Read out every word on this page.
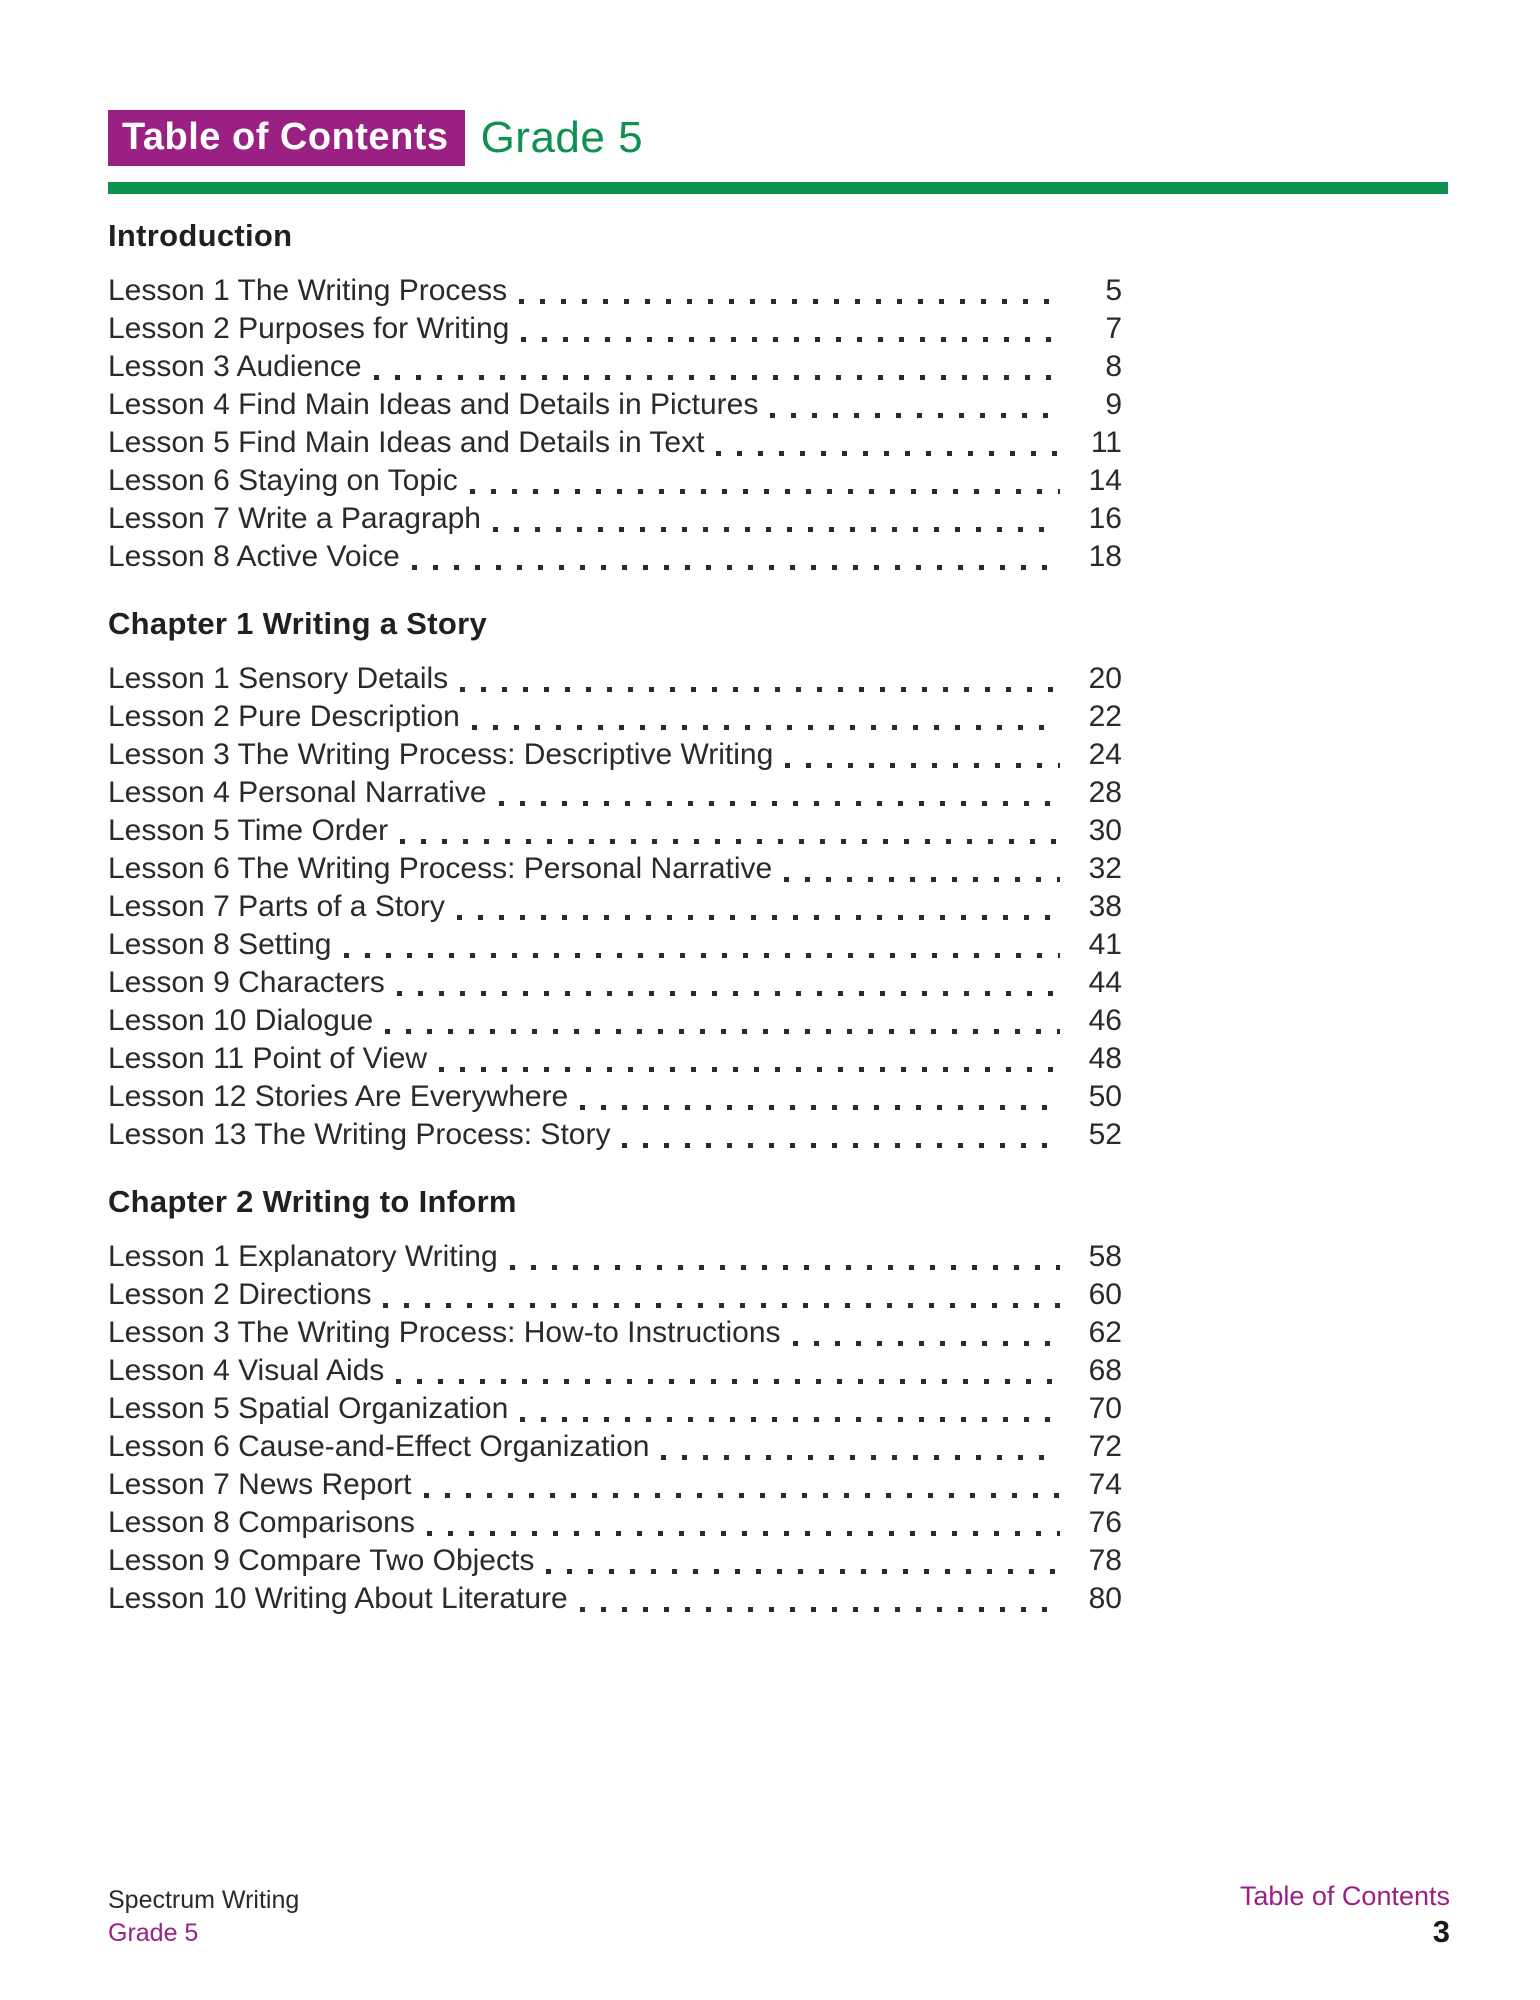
Table of Contents Grade 5
Introduction
Lesson 1 The Writing Process	5
Lesson 2 Purposes for Writing	7
Lesson 3 Audience	8
Lesson 4 Find Main Ideas and Details in Pictures	9
Lesson 5 Find Main Ideas and Details in Text	11
Lesson 6 Staying on Topic	14
Lesson 7 Write a Paragraph	16
Lesson 8 Active Voice	18
Chapter 1 Writing a Story
Lesson 1 Sensory Details	20
Lesson 2 Pure Description	22
Lesson 3 The Writing Process: Descriptive Writing	24
Lesson 4 Personal Narrative	28
Lesson 5 Time Order	30
Lesson 6 The Writing Process: Personal Narrative	32
Lesson 7 Parts of a Story	38
Lesson 8 Setting	41
Lesson 9 Characters	44
Lesson 10 Dialogue	46
Lesson 11 Point of View	48
Lesson 12 Stories Are Everywhere	50
Lesson 13 The Writing Process: Story	52
Chapter 2 Writing to Inform
Lesson 1 Explanatory Writing	58
Lesson 2 Directions	60
Lesson 3 The Writing Process: How-to Instructions	62
Lesson 4 Visual Aids	68
Lesson 5 Spatial Organization	70
Lesson 6 Cause-and-Effect Organization	72
Lesson 7 News Report	74
Lesson 8 Comparisons	76
Lesson 9 Compare Two Objects	78
Lesson 10 Writing About Literature	80
Spectrum Writing
Grade 5
Table of Contents
3
